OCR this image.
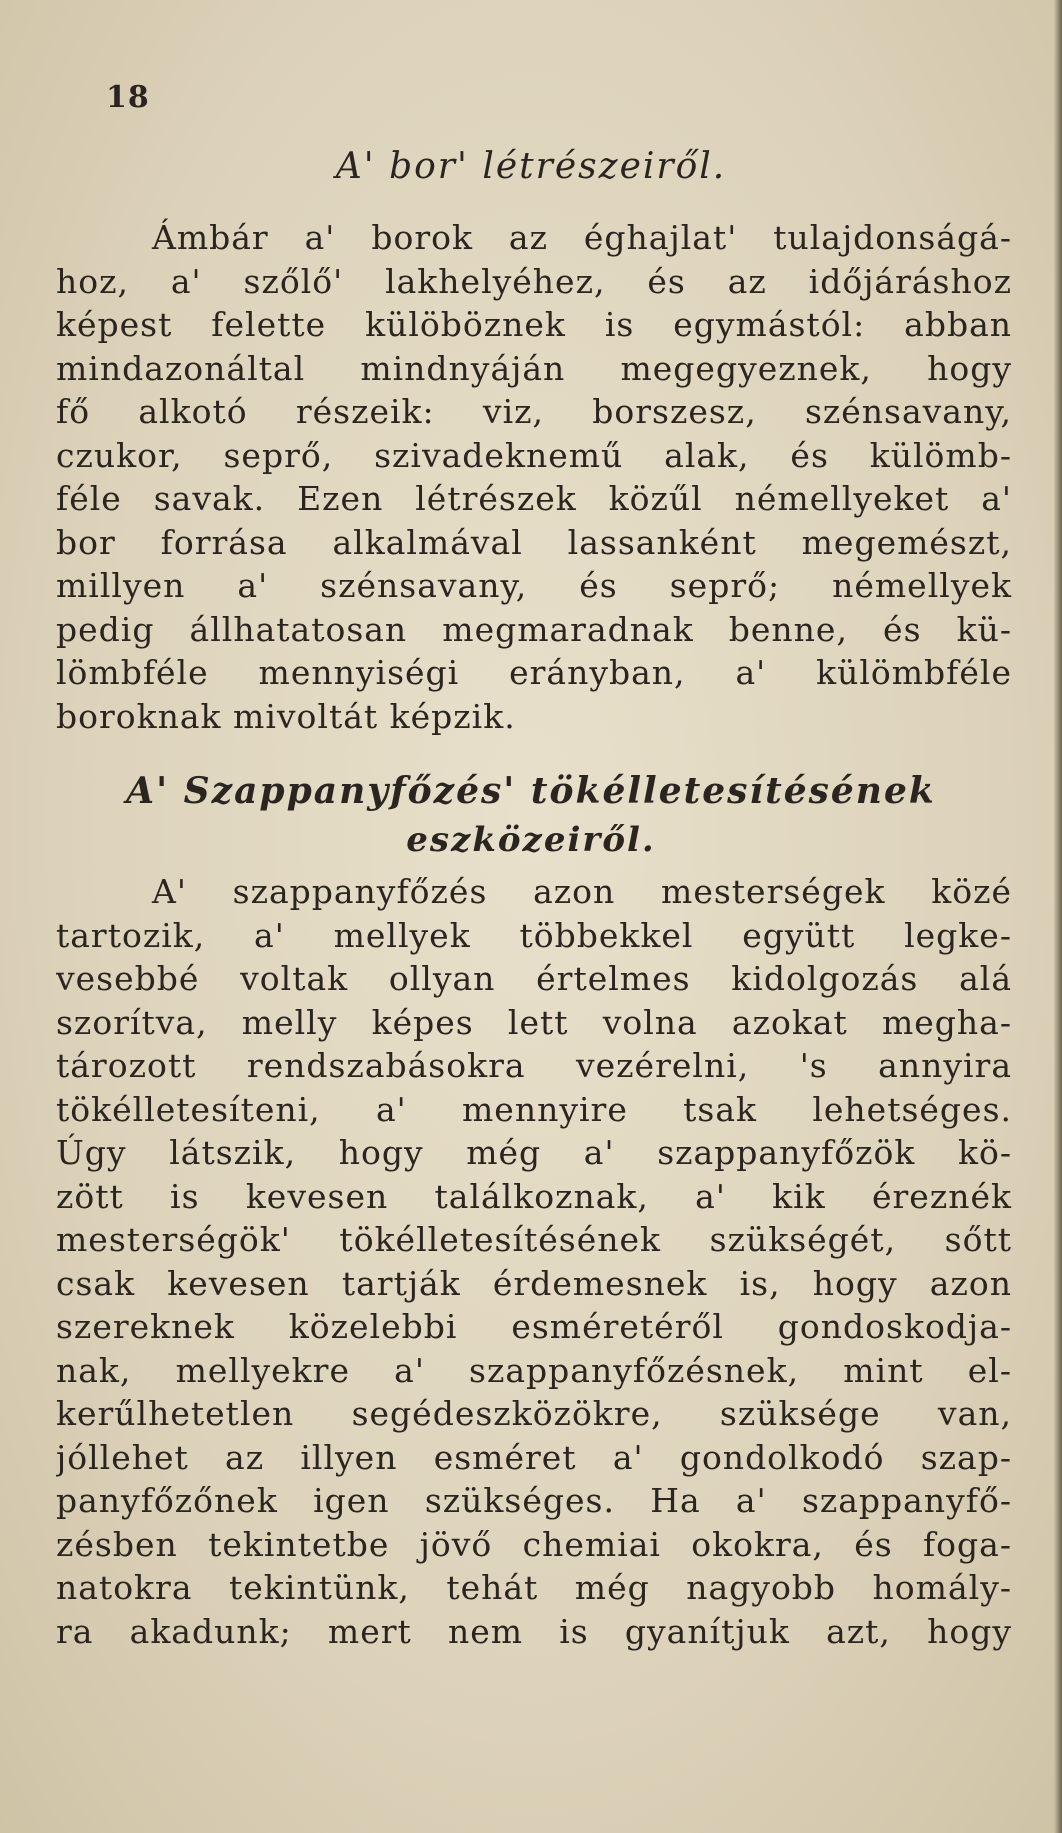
18
A' bor' létrészeiről.
Ámbár a' borok az éghajlat' tulajdonságá-
hoz, a' szőlő' lakhelyéhez, és az időjáráshoz
képest felette külöböznek is egymástól: abban
mindazonáltal mindnyáján megegyeznek, hogy
fő alkotó részeik: viz, borszesz, szénsavany,
czukor, seprő, szivadeknemű alak, és külömb-
féle savak. Ezen létrészek közűl némellyeket a'
bor forrása alkalmával lassanként megemészt,
millyen a' szénsavany, és seprő; némellyek
pedig állhatatosan megmaradnak benne, és kü-
lömbféle mennyiségi erányban, a' külömbféle
boroknak mivoltát képzik.
A' Szappanyfőzés' tökélletesítésének
eszközeiről.
A' szappanyfőzés azon mesterségek közé
tartozik, a' mellyek többekkel együtt legke-
vesebbé voltak ollyan értelmes kidolgozás alá
szorítva, melly képes lett volna azokat megha-
tározott rendszabásokra vezérelni, 's annyira
tökélletesíteni, a' mennyire tsak lehetséges.
Úgy látszik, hogy még a' szappanyfőzök kö-
zött is kevesen találkoznak, a' kik éreznék
mesterségök' tökélletesítésének szükségét, sőtt
csak kevesen tartják érdemesnek is, hogy azon
szereknek közelebbi esméretéről gondoskodja-
nak, mellyekre a' szappanyfőzésnek, mint el-
kerűlhetetlen segédeszközökre, szüksége van,
jóllehet az illyen esméret a' gondolkodó szap-
panyfőzőnek igen szükséges. Ha a' szappanyfő-
zésben tekintetbe jövő chemiai okokra, és foga-
natokra tekintünk, tehát még nagyobb homály-
ra akadunk; mert nem is gyanítjuk azt, hogy
